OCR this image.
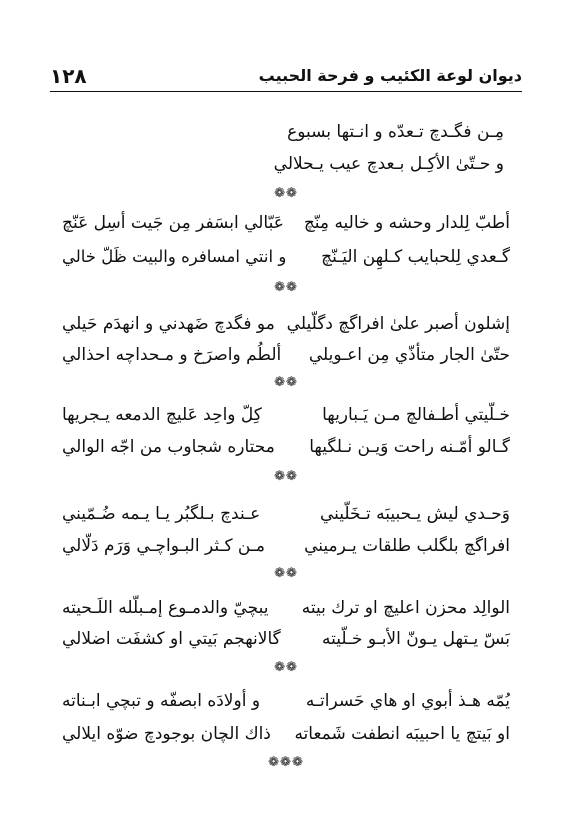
١٢٨	ديوان لوعة الكئيب و فرحة الحبيب
مِـن فگـدچ تـعدّه و انـتها بسبوع
و حـتّىٰ الأكِـل بـعدچ عيب يـحلالي
❁❁
أطبّ لِلدار وحشه و خاليه مِنّچ
عَبّالي ابسَفر مِن جَيت أسِل عَنّچ
گـعدي لِلحبايب كـلهِن اليَـنّچ
و انتي امسافره والبيت ظَلّ خالي
❁❁
إشلون أصبر علىٰ افراگچ دگلّيلي
مو فگدچ ضَهدني و انهدَم حَيلي
حتّىٰ الجار متأذّي مِن اعـويلي
ألطُم واصرَخ و مـحداچه احذالي
❁❁
خـلّيتي أطـفالچ مـن يَـباريها
كِلّ واحِد عَليچ الدمعه يـجريها
گـالو أمّـنه راحت وَيـن نـلگيها
محتاره شجاوب من اجّه الوالي
❁❁
وَحـدي ليش يـحبيبَه تـخَلّيني
عـندچ بـلگبُر يـا يـمه ضُـمّيني
افراگچ بلگلب طلقات يـرميني
مـن كـثر البـواچـي وَرَم دَلّالي
❁❁
الوالِد محزن اعليچ او ترك بيته
يبچيّ والدمـوع إمـبلّله اللَـحيته
بَسّ يـتهل يـونّ الأبـو خـلّيته
گالانهجم بَيتي او كشفَت اضلالي
❁❁
يُمّه هـذ أبوي او هاي حَسراتـه
و أولادَه ابصفّه و تبچي ابـناته
او بَيتچ يا احبيبَه انطفت شَمعاته
ذاك الچان بوجودچ ضوّه ايلالي
❁❁❁
